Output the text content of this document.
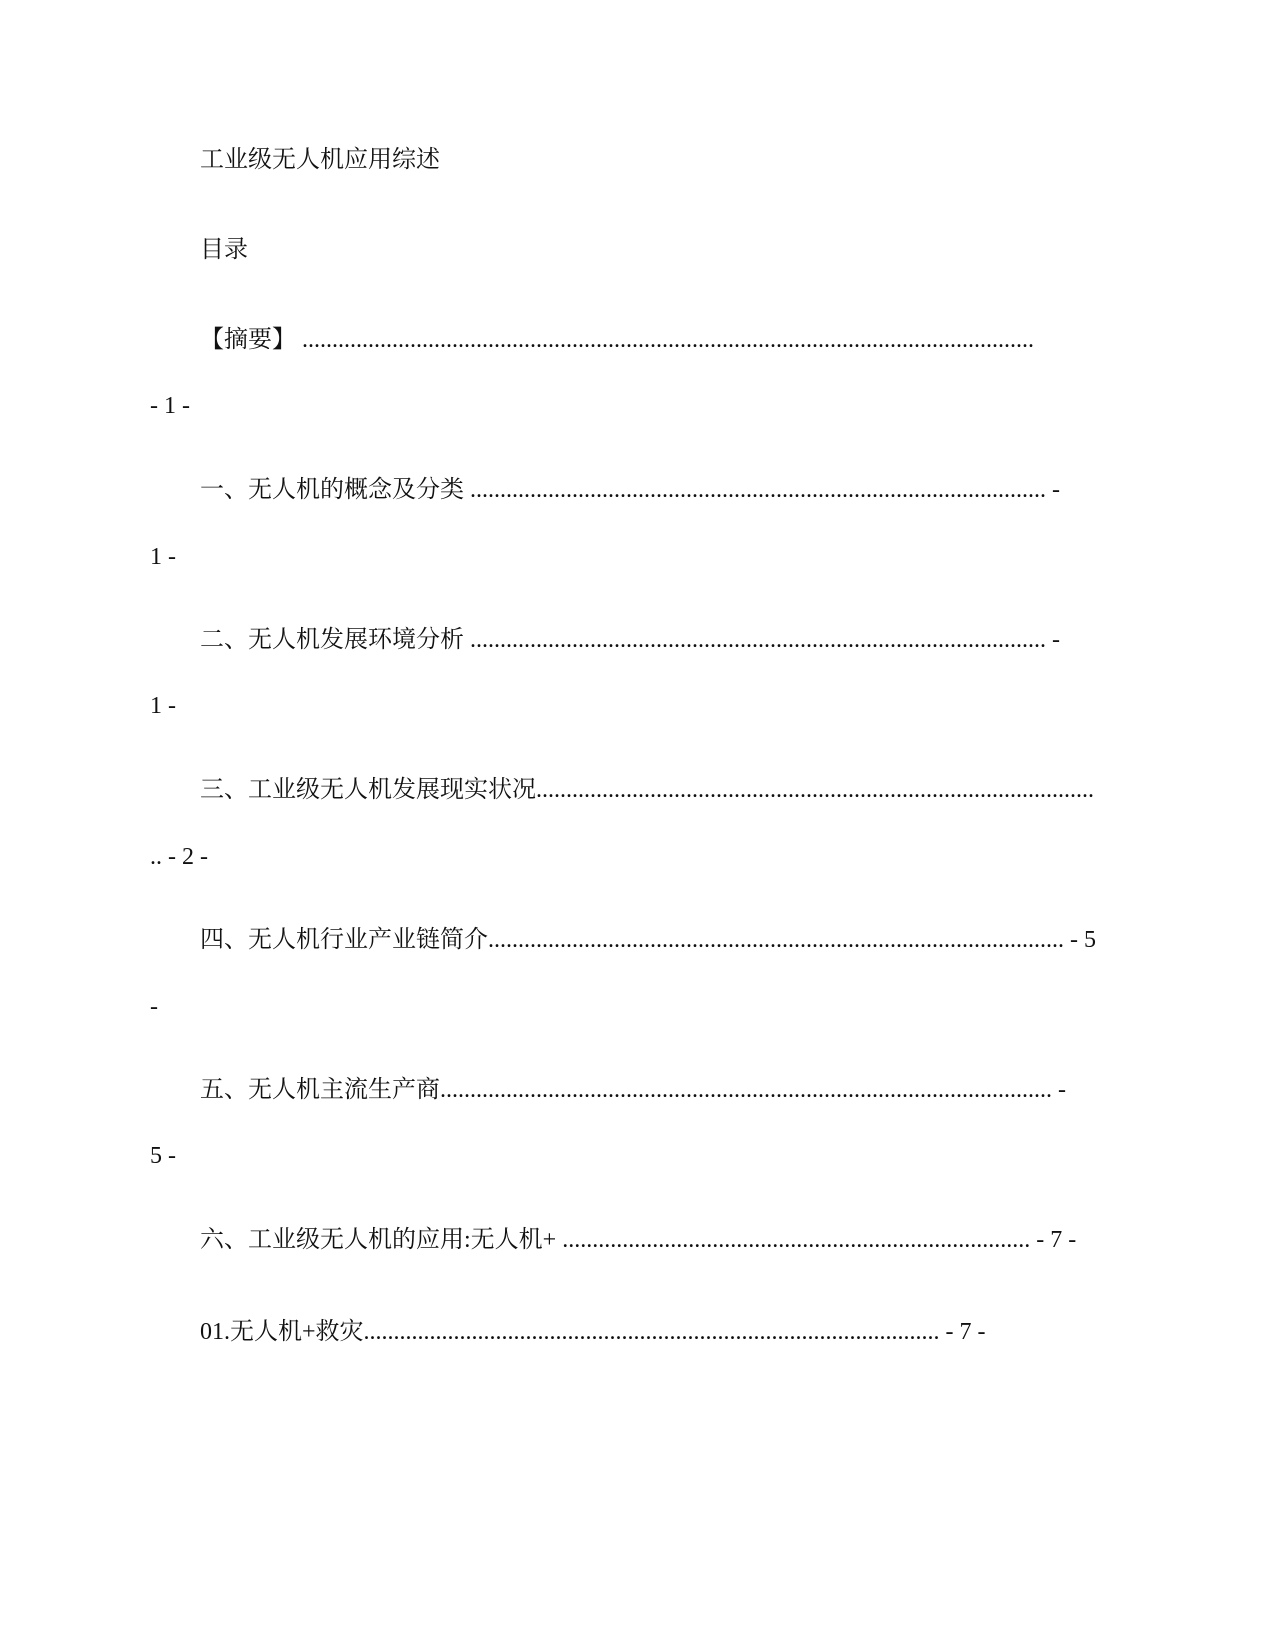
工业级无人机应用综述
目录
【摘要】 ..........................................................................................................................
- 1 -
一、无人机的概念及分类 ................................................................................................ -
1 -
二、无人机发展环境分析 ................................................................................................ -
1 -
三、工业级无人机发展现实状况.............................................................................................
.. - 2 -
四、无人机行业产业链简介................................................................................................ - 5
-
五、无人机主流生产商...................................................................................................... -
5 -
六、工业级无人机的应用:无人机+ .............................................................................. - 7 -
01.无人机+救灾................................................................................................ - 7 -
